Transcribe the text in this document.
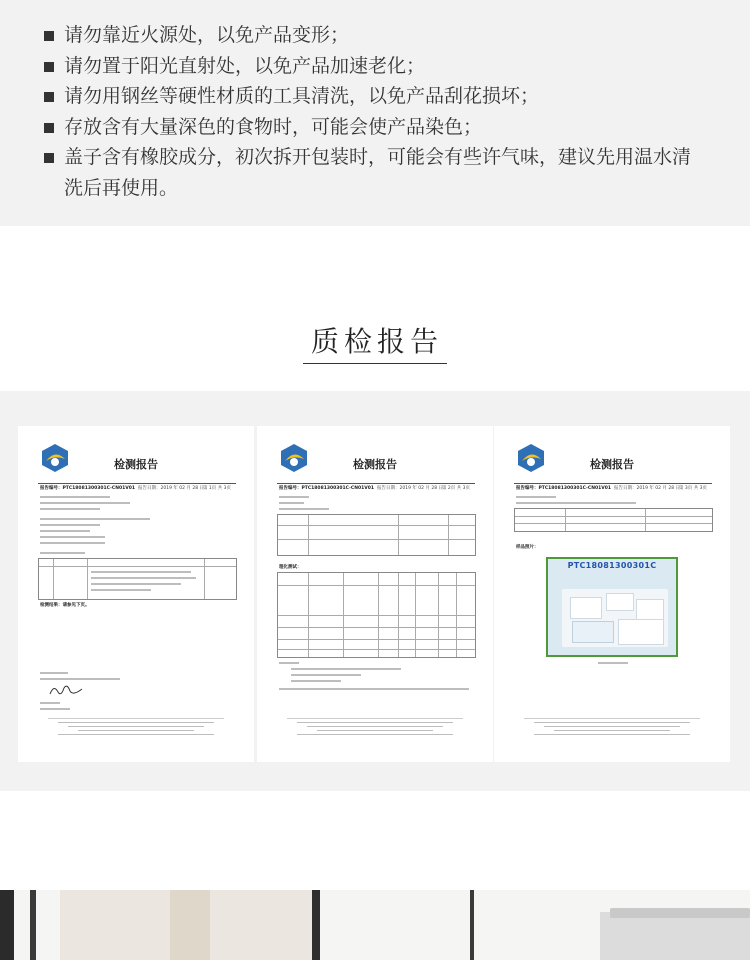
请勿靠近火源处，以免产品变形；
请勿置于阳光直射处，以免产品加速老化；
请勿用钢丝等硬性材质的工具清洗，以免产品刮花损坏；
存放含有大量深色的食物时，可能会使产品染色；
盖子含有橡胶成分，初次拆开包装时，可能会有些许气味，建议先用温水清洗后再使用。
质检报告
检测报告
报告编号：PTC18081300301C-CN01V01 报告日期：2019 年 02 月 28 日
第 1页 共 3页
检测结果：请参见下页。
检测报告
报告编号：PTC18081300301C-CN01V01 报告日期：2019 年 02 月 28 日
第 2页 共 3页
理化测试：
检测报告
报告编号：PTC18081300301C-CN01V01 报告日期：2019 年 02 月 28 日
第 3页 共 3页
样品照片：
PTC18081300301C
